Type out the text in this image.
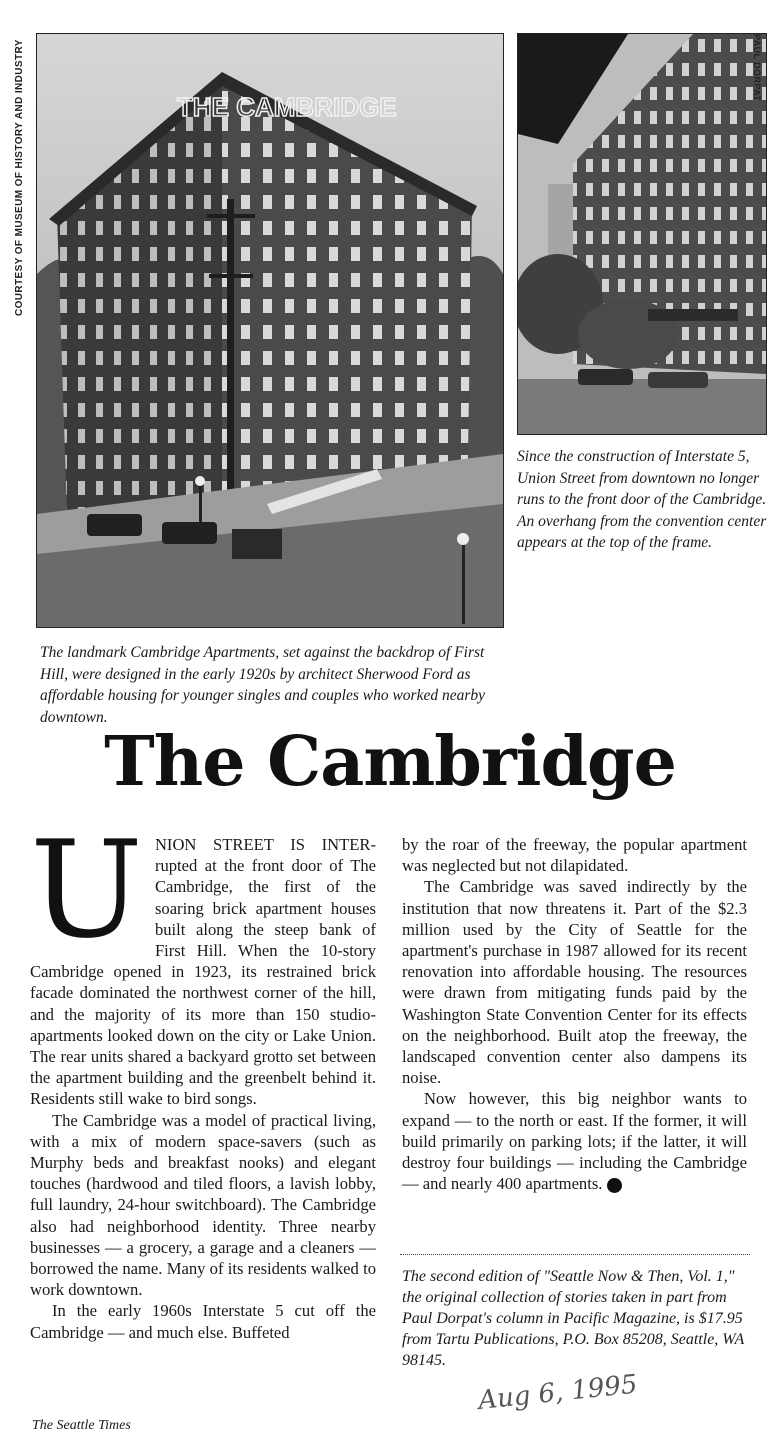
COURTESY OF MUSEUM OF HISTORY AND INDUSTRY	THE CAMBRIDGE
PAUL DORPAT
Since the construction of Interstate 5, Union Street from downtown no longer runs to the front door of the Cambridge. An overhang from the convention center appears at the top of the frame.
The landmark Cambridge Apartments, set against the backdrop of First Hill, were designed in the early 1920s by architect Sherwood Ford as affordable housing for younger singles and couples who worked nearby downtown.
The Cambridge
U NION STREET IS INTER-rupted at the front door of The Cambridge, the first of the soaring brick apartment houses built along the steep bank of First Hill. When the 10-story Cambridge opened in 1923, its restrained brick facade dominated the northwest corner of the hill, and the majority of its more than 150 studio-apartments looked down on the city or Lake Union. The rear units shared a backyard grotto set between the apartment building and the greenbelt behind it. Residents still wake to bird songs.

The Cambridge was a model of practical living, with a mix of modern space-savers (such as Murphy beds and breakfast nooks) and elegant touches (hardwood and tiled floors, a lavish lobby, full laundry, 24-hour switchboard). The Cambridge also had neighborhood identity. Three nearby businesses — a grocery, a garage and a cleaners — borrowed the name. Many of its residents walked to work downtown.

In the early 1960s Interstate 5 cut off the Cambridge — and much else. Buffeted

by the roar of the freeway, the popular apartment was neglected but not dilapidated.

The Cambridge was saved indirectly by the institution that now threatens it. Part of the $2.3 million used by the City of Seattle for the apartment's purchase in 1987 allowed for its recent renovation into affordable housing. The resources were drawn from mitigating funds paid by the Washington State Convention Center for its effects on the neighborhood. Built atop the freeway, the landscaped convention center also dampens its noise.

Now however, this big neighbor wants to expand — to the north or east. If the former, it will build primarily on parking lots; if the latter, it will destroy four buildings — including the Cambridge — and nearly 400 apartments.	P

The second edition of "Seattle Now & Then, Vol. 1," the original collection of stories taken in part from Paul Dorpat's column in Pacific Magazine, is $17.95 from Tartu Publications, P.O. Box 85208, Seattle, WA 98145.
The Seattle Times
Aug 6, 1995
